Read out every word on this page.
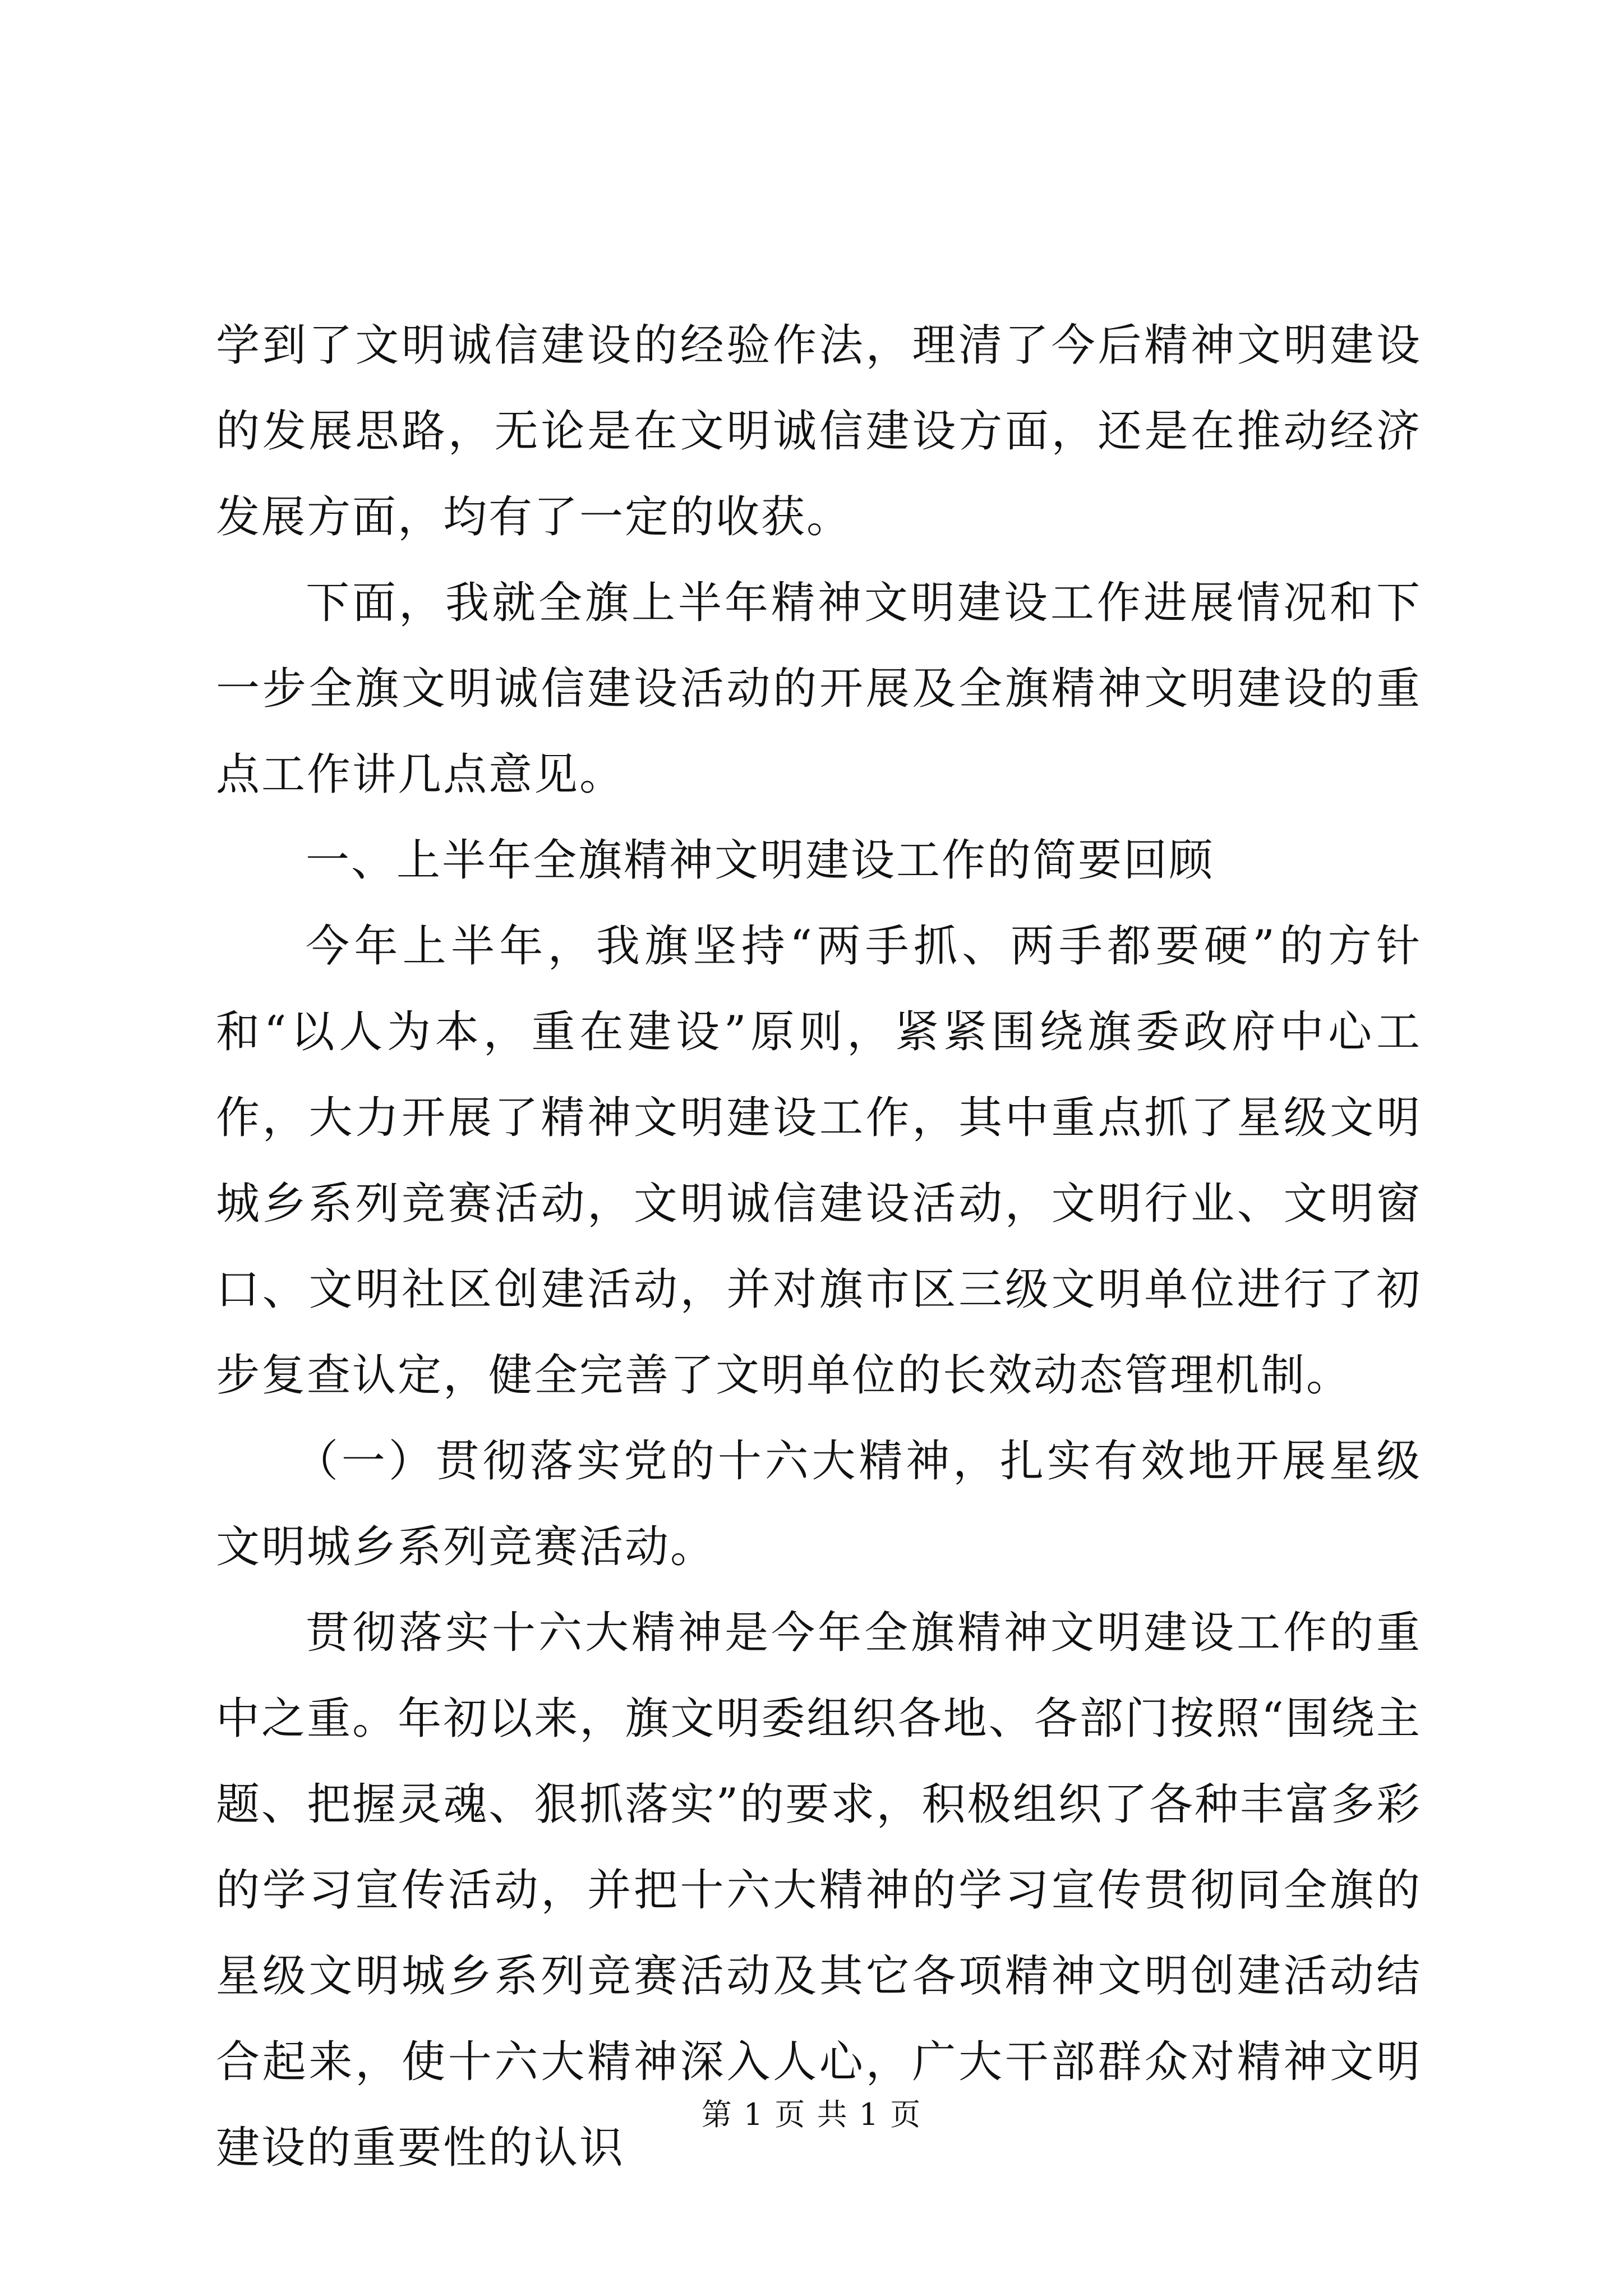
学到了文明诚信建设的经验作法，理清了今后精神文明建设的发展思路，无论是在文明诚信建设方面，还是在推动经济发展方面，均有了一定的收获。

下面，我就全旗上半年精神文明建设工作进展情况和下一步全旗文明诚信建设活动的开展及全旗精神文明建设的重点工作讲几点意见。

一、上半年全旗精神文明建设工作的简要回顾

今年上半年，我旗坚持“两手抓、两手都要硬”的方针和“以人为本，重在建设”原则，紧紧围绕旗委政府中心工作，大力开展了精神文明建设工作，其中重点抓了星级文明城乡系列竞赛活动，文明诚信建设活动，文明行业、文明窗口、文明社区创建活动，并对旗市区三级文明单位进行了初步复查认定，健全完善了文明单位的长效动态管理机制。

（一）贯彻落实党的十六大精神，扎实有效地开展星级文明城乡系列竞赛活动。

贯彻落实十六大精神是今年全旗精神文明建设工作的重中之重。年初以来，旗文明委组织各地、各部门按照“围绕主题、把握灵魂、狠抓落实”的要求，积极组织了各种丰富多彩的学习宣传活动，并把十六大精神的学习宣传贯彻同全旗的星级文明城乡系列竞赛活动及其它各项精神文明创建活动结合起来，使十六大精神深入人心，广大干部群众对精神文明建设的重要性的认识

第 1 页 共 1 页
